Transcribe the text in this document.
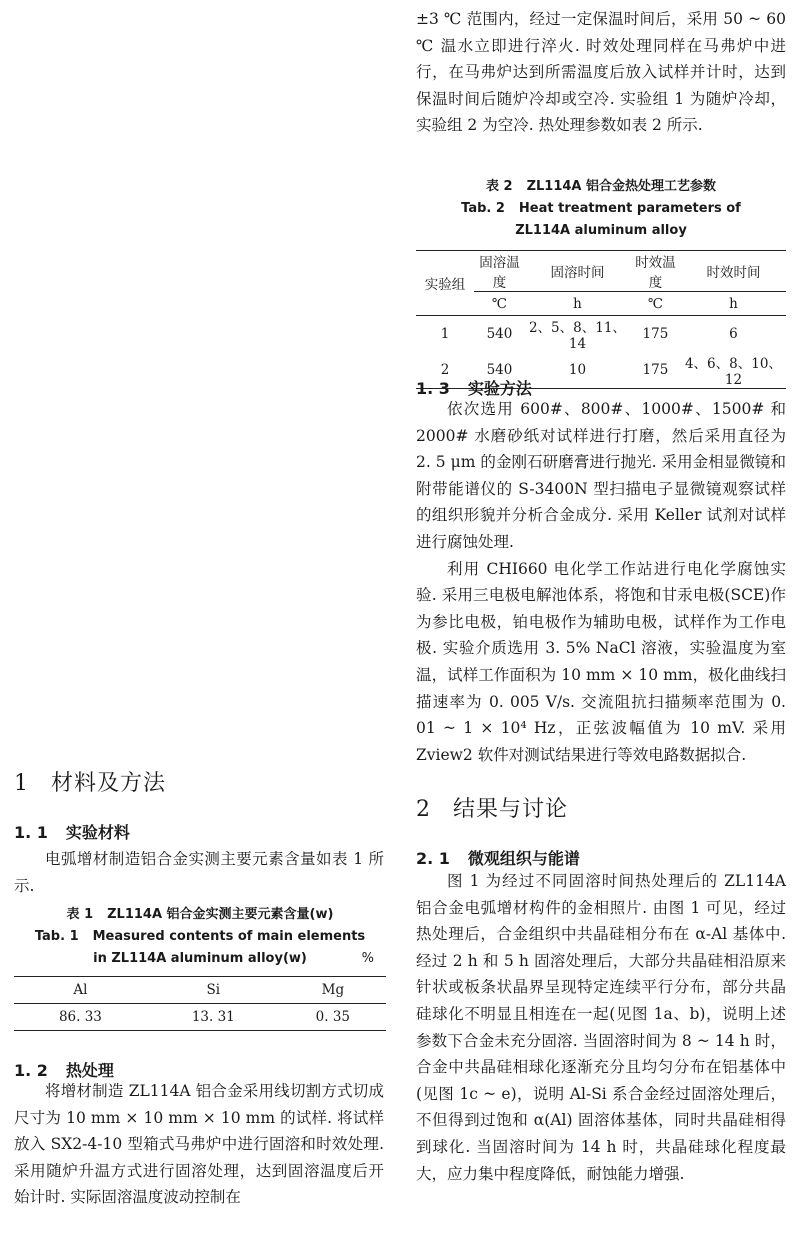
1 材料及方法
1. 1 实验材料

电弧增材制造铝合金实测主要元素含量如表 1 所示.

表 1 ZL114A 铝合金实测主要元素含量(w)
Tab. 1 Measured contents of main elements
in ZL114A aluminum alloy(w)	%
Al	Si	Mg
86. 33	13. 31	0. 35
1. 2 热处理

将增材制造 ZL114A 铝合金采用线切割方式切成尺寸为 10 mm × 10 mm × 10 mm 的试样. 将试样放入 SX2-4-10 型箱式马弗炉中进行固溶和时效处理. 采用随炉升温方式进行固溶处理，达到固溶温度后开始计时. 实际固溶温度波动控制在

±3 ℃ 范围内，经过一定保温时间后，采用 50 ~ 60 ℃ 温水立即进行淬火. 时效处理同样在马弗炉中进行，在马弗炉达到所需温度后放入试样并计时，达到保温时间后随炉冷却或空冷. 实验组 1 为随炉冷却，实验组 2 为空冷. 热处理参数如表 2 所示.

表 2 ZL114A 铝合金热处理工艺参数
Tab. 2 Heat treatment parameters of
ZL114A aluminum alloy
实验组	固溶温度	固溶时间	时效温度	时效时间
	℃	h	℃	h
1	540	2、5、8、11、14	175	6
2	540	10	175	4、6、8、10、12
1. 3 实验方法

依次选用 600#、800#、1000#、1500# 和 2000# 水磨砂纸对试样进行打磨，然后采用直径为 2. 5 μm 的金刚石研磨膏进行抛光. 采用金相显微镜和附带能谱仪的 S-3400N 型扫描电子显微镜观察试样的组织形貌并分析合金成分. 采用 Keller 试剂对试样进行腐蚀处理.

利用 CHI660 电化学工作站进行电化学腐蚀实验. 采用三电极电解池体系，将饱和甘汞电极(SCE)作为参比电极，铂电极作为辅助电极，试样作为工作电极. 实验介质选用 3. 5% NaCl 溶液，实验温度为室温，试样工作面积为 10 mm × 10 mm，极化曲线扫描速率为 0. 005 V/s. 交流阻抗扫描频率范围为 0. 01 ~ 1 × 10⁴ Hz，正弦波幅值为 10 mV. 采用 Zview2 软件对测试结果进行等效电路数据拟合.

2 结果与讨论
2. 1 微观组织与能谱

图 1 为经过不同固溶时间热处理后的 ZL114A 铝合金电弧增材构件的金相照片. 由图 1 可见，经过热处理后，合金组织中共晶硅相分布在 α-Al 基体中. 经过 2 h 和 5 h 固溶处理后，大部分共晶硅相沿原来针状或板条状晶界呈现特定连续平行分布，部分共晶硅球化不明显且相连在一起(见图 1a、b)，说明上述参数下合金未充分固溶. 当固溶时间为 8 ~ 14 h 时，合金中共晶硅相球化逐渐充分且均匀分布在铝基体中(见图 1c ~ e)，说明 Al-Si 系合金经过固溶处理后，不但得到过饱和 α(Al) 固溶体基体，同时共晶硅相得到球化. 当固溶时间为 14 h 时，共晶硅球化程度最大，应力集中程度降低，耐蚀能力增强.
